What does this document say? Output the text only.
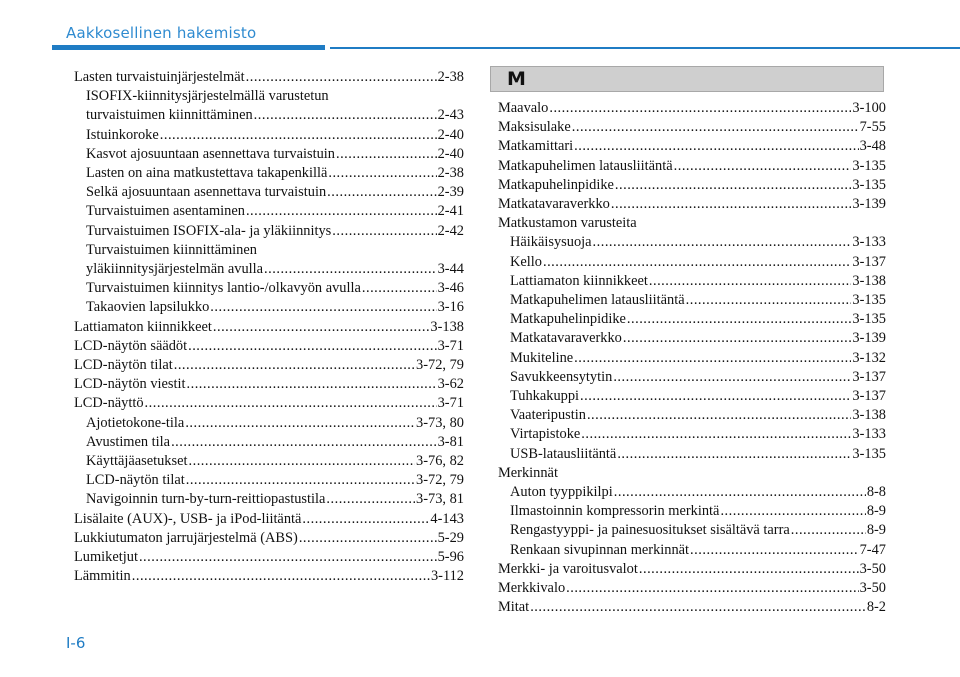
Aakkosellinen hakemisto
Lasten turvaistuinjärjestelmät .....	2-38
ISOFIX-kiinnitysjärjestelmällä varustetun
turvaistuimen kiinnittäminen .....	2-43
Istuinkoroke .....	2-40
Kasvot ajosuuntaan asennettava turvaistuin .....	2-40
Lasten on aina matkustettava takapenkillä .....	2-38
Selkä ajosuuntaan asennettava turvaistuin .....	2-39
Turvaistuimen asentaminen .....	2-41
Turvaistuimen ISOFIX-ala- ja yläkiinnitys .....	2-42
Turvaistuimen kiinnittäminen
yläkiinnitysjärjestelmän avulla .....	3-44
Turvaistuimen kiinnitys lantio-/olkavyön avulla .....	3-46
Takaovien lapsilukko .....	3-16
Lattiamaton kiinnikkeet .....	3-138
LCD-näytön säädöt .....	3-71
LCD-näytön tilat .....	3-72, 79
LCD-näytön viestit .....	3-62
LCD-näyttö .....	3-71
Ajotietokone-tila .....	3-73, 80
Avustimen tila .....	3-81
Käyttäjäasetukset .....	3-76, 82
LCD-näytön tilat .....	3-72, 79
Navigoinnin turn-by-turn-reittiopastustila .....	3-73, 81
Lisälaite (AUX)-, USB- ja iPod-liitäntä .....	4-143
Lukkiutumaton jarrujärjestelmä (ABS) .....	5-29
Lumiketjut .....	5-96
Lämmitin .....	3-112
M
Maavalo .....	3-100
Maksisulake .....	7-55
Matkamittari .....	3-48
Matkapuhelimen latausliitäntä .....	3-135
Matkapuhelinpidike .....	3-135
Matkatavaraverkko .....	3-139
Matkustamon varusteita
Häikäisysuoja .....	3-133
Kello .....	3-137
Lattiamaton kiinnikkeet .....	3-138
Matkapuhelimen latausliitäntä .....	3-135
Matkapuhelinpidike .....	3-135
Matkatavaraverkko .....	3-139
Mukiteline .....	3-132
Savukkeensytytin .....	3-137
Tuhkakuppi .....	3-137
Vaateripustin .....	3-138
Virtapistoke .....	3-133
USB-latausliitäntä .....	3-135
Merkinnät
Auton tyyppikilpi .....	8-8
Ilmastoinnin kompressorin merkintä .....	8-9
Rengastyyppi- ja painesuositukset sisältävä tarra .....	8-9
Renkaan sivupinnan merkinnät .....	7-47
Merkki- ja varoitusvalot .....	3-50
Merkkivalo .....	3-50
Mitat .....	8-2
I-6
